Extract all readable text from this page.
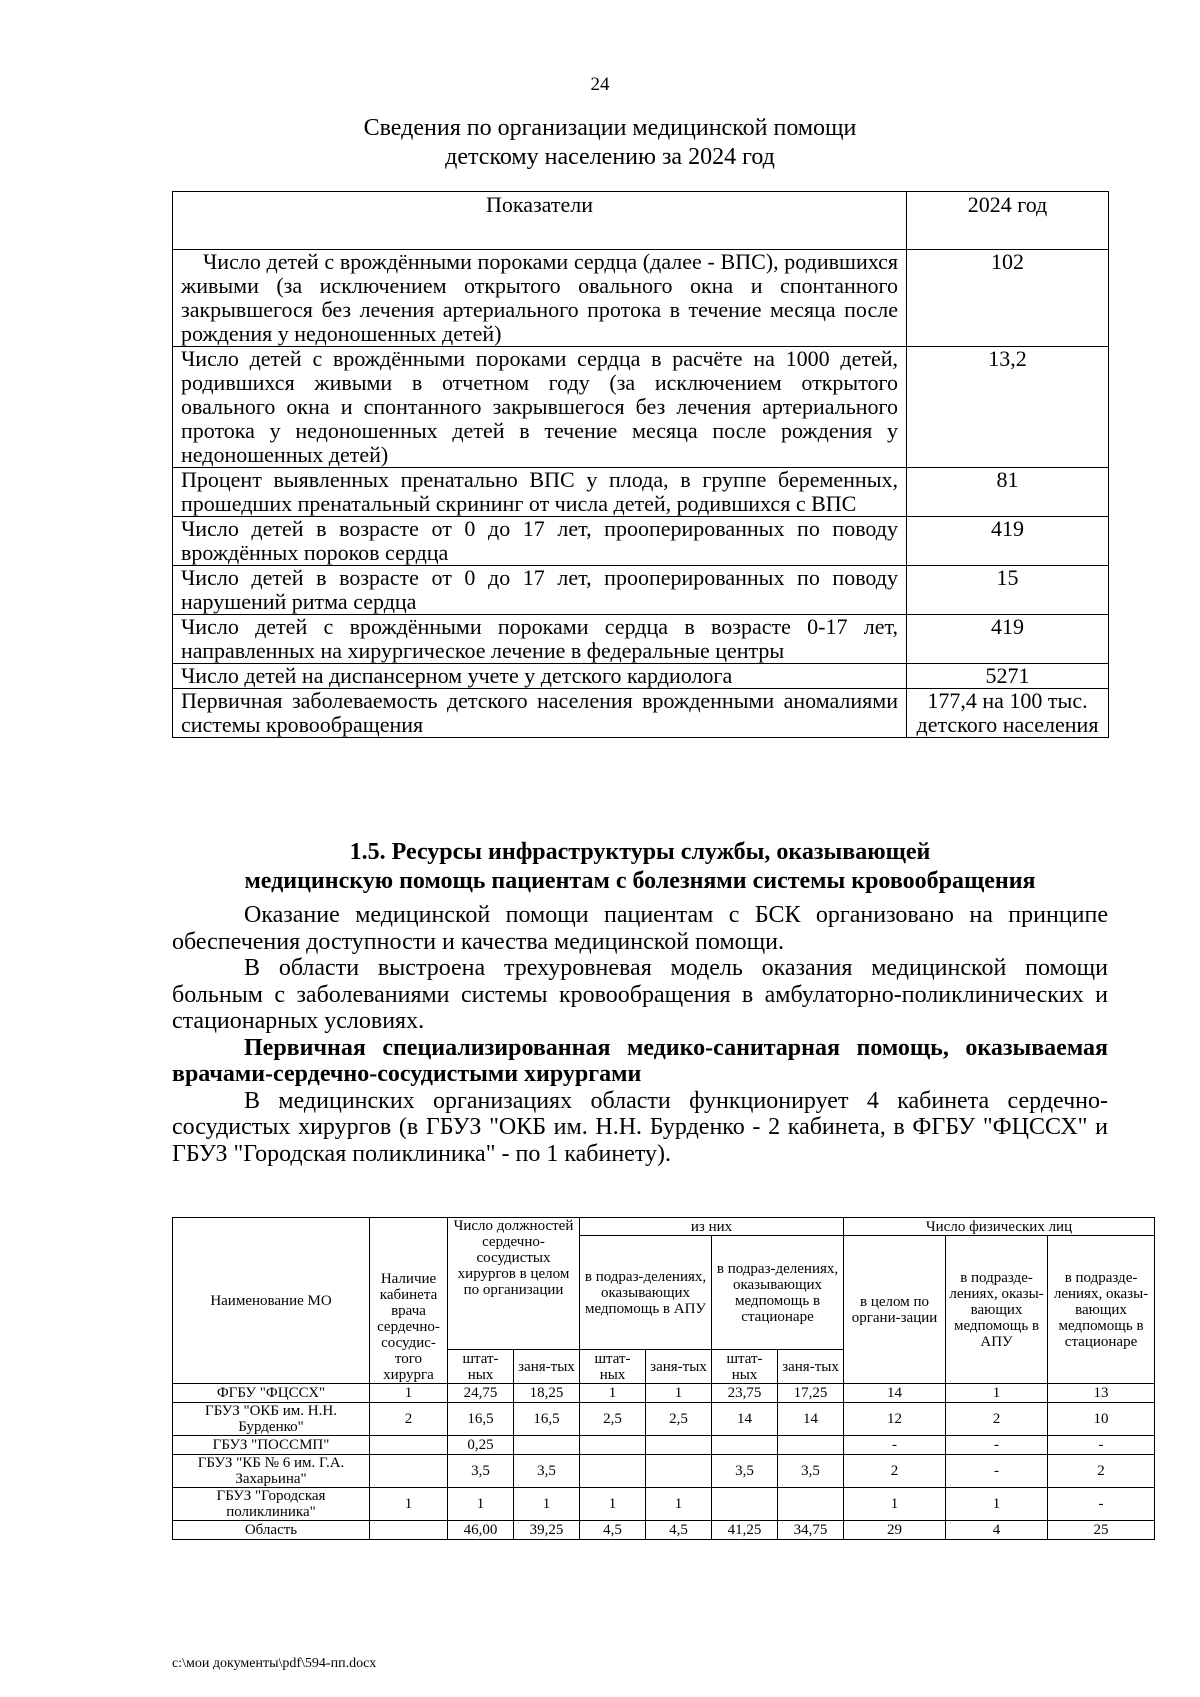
24
Сведения по организации медицинской помощи
детскому населению за 2024 год
Показатели	2024 год
Число детей с врождёнными пороками сердца (далее - ВПС), родившихся живыми (за исключением открытого овального окна и спонтанного закрывшегося без лечения артериального протока в течение месяца после рождения у недоношенных детей)	102
Число детей с врождёнными пороками сердца в расчёте на 1000 детей, родившихся живыми в отчетном году (за исключением открытого овального окна и спонтанного закрывшегося без лечения артериального протока у недоношенных детей в течение месяца после рождения у недоношенных детей)	13,2
Процент выявленных пренатально ВПС у плода, в группе беременных, прошедших пренатальный скрининг от числа детей, родившихся с ВПС	81
Число детей в возрасте от 0 до 17 лет, прооперированных по поводу врождённых пороков сердца	419
Число детей в возрасте от 0 до 17 лет, прооперированных по поводу нарушений ритма сердца	15
Число детей с врождёнными пороками сердца в возрасте 0-17 лет, направленных на хирургическое лечение в федеральные центры	419
Число детей на диспансерном учете у детского кардиолога	5271
Первичная заболеваемость детского населения врожденными аномалиями системы кровообращения	177,4 на 100 тыс. детского населения
1.5. Ресурсы инфраструктуры службы, оказывающей
медицинскую помощь пациентам с болезнями системы кровообращения

Оказание медицинской помощи пациентам с БСК организовано на принципе обеспечения доступности и качества медицинской помощи.

В области выстроена трехуровневая модель оказания медицинской помощи больным с заболеваниями системы кровообращения в амбулаторно-поликлинических и стационарных условиях.

Первичная специализированная медико-санитарная помощь, оказываемая врачами-сердечно-сосудистыми хирургами

В медицинских организациях области функционирует 4 кабинета сердечно-сосудистых хирургов (в ГБУЗ "ОКБ им. Н.Н. Бурденко - 2 кабинета, в ФГБУ "ФЦССХ" и ГБУЗ "Городская поликлиника" - по 1 кабинету).

Наименование МО	Наличие кабинета врача сердечно-сосудис-того хирурга	Число должностей сердечно-сосудистых хирургов в целом по организации		из них				Число физических лиц		
				в подраз-делениях, оказывающих медпомощь в АПУ		в подраз-делениях, оказывающих медпомощь в стационаре		в целом по органи-зации	в подразде-лениях, оказы-вающих медпомощь в АПУ	в подразде-лениях, оказы-вающих медпомощь в стационаре
		штат-ных	заня-тых	штат-ных	заня-тых	штат-ных	заня-тых			
ФГБУ "ФЦССХ"	1	24,75	18,25	1	1	23,75	17,25	14	1	13
ГБУЗ "ОКБ им. Н.Н. Бурденко"	2	16,5	16,5	2,5	2,5	14	14	12	2	10
ГБУЗ "ПОССМП"		0,25						-	-	-
ГБУЗ "КБ № 6 им. Г.А. Захарьина"		3,5	3,5			3,5	3,5	2	-	2
ГБУЗ "Городская поликлиника"	1	1	1	1	1			1	1	-
Область		46,00	39,25	4,5	4,5	41,25	34,75	29	4	25
c:\мои документы\pdf\594-пп.docx
